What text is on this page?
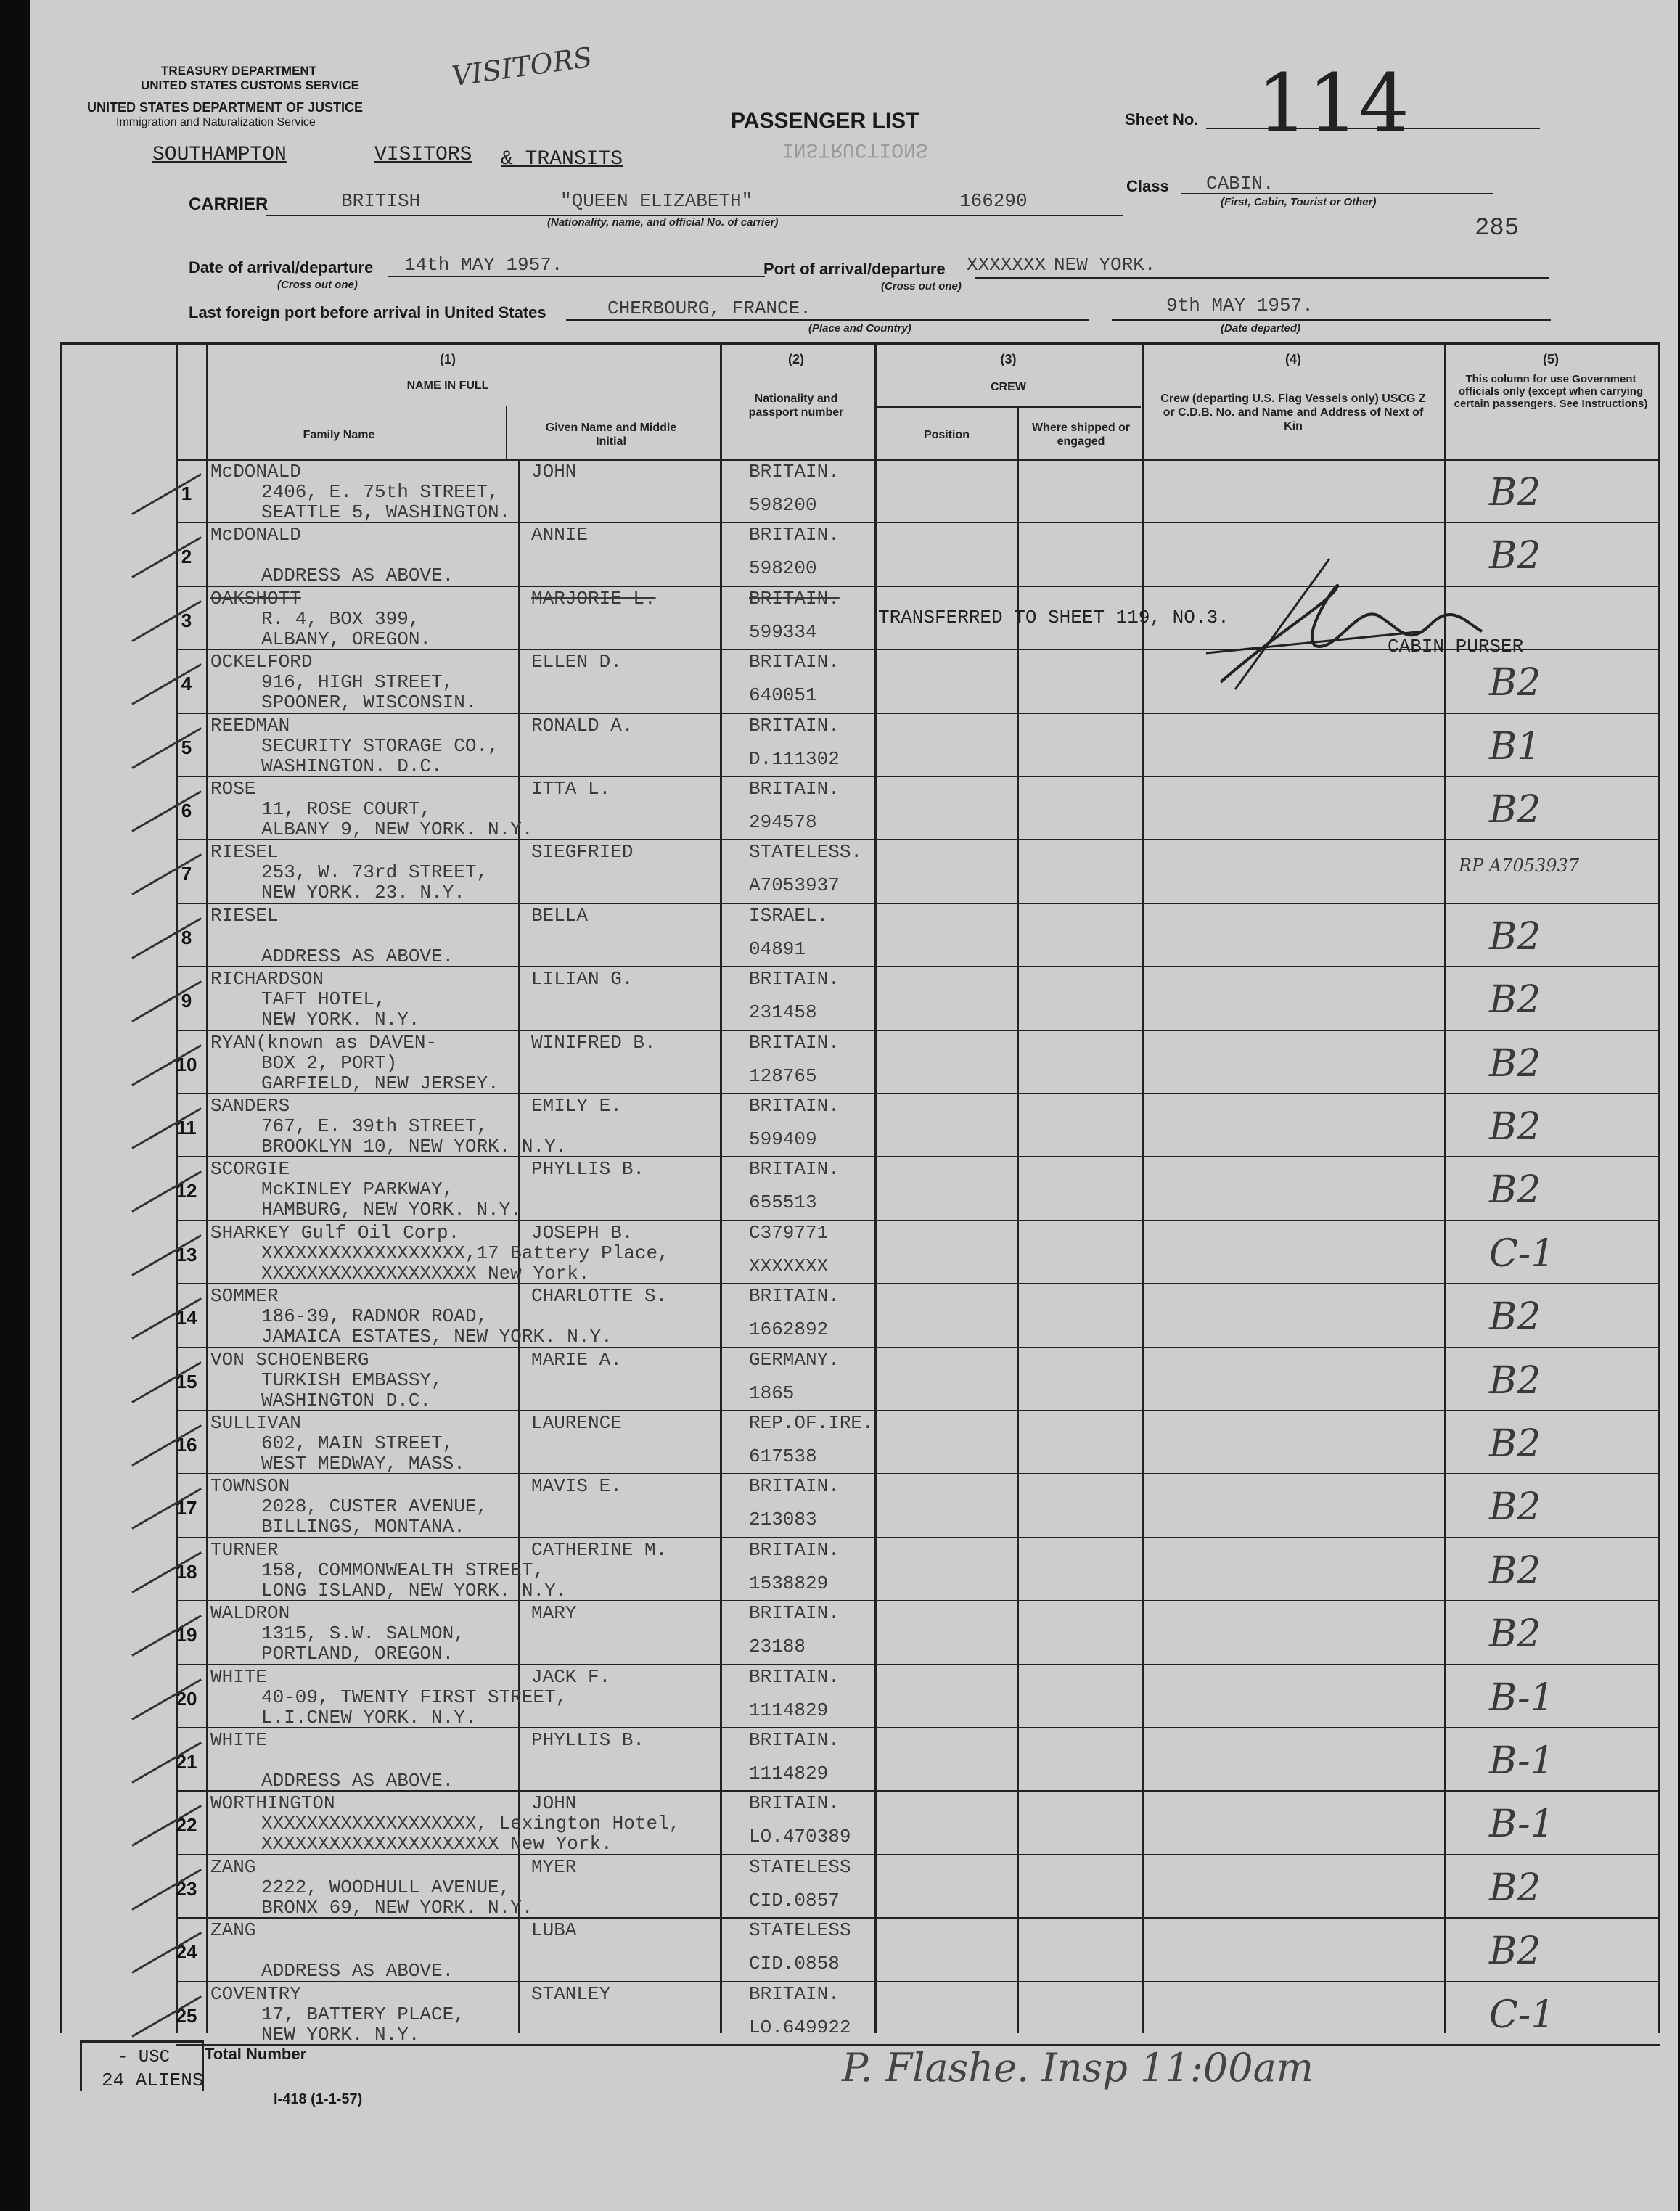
TREASURY DEPARTMENT
UNITED STATES CUSTOMS SERVICE
UNITED STATES DEPARTMENT OF JUSTICE
Immigration and Naturalization Service
VISITORS
PASSENGER LIST
INSTRUCTIONS
Sheet No. 114
SOUTHAMPTON	VISITORS & TRANSITS
CARRIER	BRITISH	"QUEEN ELIZABETH"	166290
(Nationality, name, and official No. of carrier)
Class CABIN.
(First, Cabin, Tourist or Other)
285
Date of arrival/departure
(Cross out one)
14th MAY 1957.	Port of arrival/departure
(Cross out one)
XXXXXXX NEW YORK.
Last foreign port before arrival in United States	CHERBOURG, FRANCE.
(Place and Country)
9th MAY 1957.
(Date departed)
(1)
NAME IN FULL
Family Name
Given Name and Middle Initial
(2)
Nationality and passport number
(3)
CREW
Position
Where shipped or engaged
(4)
Crew (departing U.S. Flag Vessels only) USCG Z or C.D.B. No. and Name and Address of Next of Kin
(5)
This column for use Government officials only (except when carrying certain passengers. See Instructions)
1
McDONALD
2406, E. 75th STREET,
SEATTLE 5, WASHINGTON.
JOHN	BRITAIN.
598200	B2
2
McDONALD
ADDRESS AS ABOVE.
ANNIE	BRITAIN.
598200	B2
3
OAKSHOTT
R. 4, BOX 399,
ALBANY, OREGON.
MARJORIE L.	BRITAIN.
599334
4
OCKELFORD
916, HIGH STREET,
SPOONER, WISCONSIN.
ELLEN D.	BRITAIN.
640051	B2
5
REEDMAN
SECURITY STORAGE CO.,
WASHINGTON. D.C.
RONALD A.	BRITAIN.
D.111302	B1
6
ROSE
11, ROSE COURT,
ALBANY 9, NEW YORK. N.Y.
ITTA L.	BRITAIN.
294578	B2
7
RIESEL
253, W. 73rd STREET,
NEW YORK. 23. N.Y.
SIEGFRIED	STATELESS.
A7053937
RP A7053937
8
RIESEL
ADDRESS AS ABOVE.
BELLA	ISRAEL.
04891	B2
9
RICHARDSON
TAFT HOTEL,
NEW YORK. N.Y.
LILIAN G.	BRITAIN.
231458	B2
10
RYAN(known as DAVEN-
BOX 2, PORT)
GARFIELD, NEW JERSEY.
WINIFRED B.	BRITAIN.
128765	B2
11
SANDERS
767, E. 39th STREET,
BROOKLYN 10, NEW YORK. N.Y.
EMILY E.	BRITAIN.
599409	B2
12
SCORGIE
McKINLEY PARKWAY,
HAMBURG, NEW YORK. N.Y.
PHYLLIS B.	BRITAIN.
655513	B2
13
SHARKEY Gulf Oil Corp.
XXXXXXXXXXXXXXXXXX,17 Battery Place,
XXXXXXXXXXXXXXXXXXX New York.
JOSEPH B.	C379771
XXXXXXX	C-1
14
SOMMER
186-39, RADNOR ROAD,
JAMAICA ESTATES, NEW YORK. N.Y.
CHARLOTTE S.	BRITAIN.
1662892	B2
15
VON SCHOENBERG
TURKISH EMBASSY,
WASHINGTON D.C.
MARIE A.	GERMANY.
1865	B2
16
SULLIVAN
602, MAIN STREET,
WEST MEDWAY, MASS.
LAURENCE	REP.OF.IRE.
617538	B2
17
TOWNSON
2028, CUSTER AVENUE,
BILLINGS, MONTANA.
MAVIS E.	BRITAIN.
213083	B2
18
TURNER
158, COMMONWEALTH STREET,
LONG ISLAND, NEW YORK. N.Y.
CATHERINE M.	BRITAIN.
1538829	B2
19
WALDRON
1315, S.W. SALMON,
PORTLAND, OREGON.
MARY	BRITAIN.
23188	B2
20
WHITE
40-09, TWENTY FIRST STREET,
L.I.CNEW YORK. N.Y.
JACK F.	BRITAIN.
1114829	B-1
21
WHITE
ADDRESS AS ABOVE.
PHYLLIS B.	BRITAIN.
1114829	B-1
22
WORTHINGTON
XXXXXXXXXXXXXXXXXXX, Lexington Hotel,
XXXXXXXXXXXXXXXXXXXXX New York.
JOHN	BRITAIN.
LO.470389	B-1
23
ZANG
2222, WOODHULL AVENUE,
BRONX 69, NEW YORK. N.Y.
MYER	STATELESS
CID.0857	B2
24
ZANG
ADDRESS AS ABOVE.
LUBA	STATELESS
CID.0858	B2
25
COVENTRY
17, BATTERY PLACE,
NEW YORK. N.Y.
STANLEY	BRITAIN.
LO.649922	C-1
TRANSFERRED TO SHEET 119, NO.3.
CABIN PURSER
- USC
24 ALIENS
Total Number
I-418 (1-1-57)
P. Flashe. Insp 11:00am
